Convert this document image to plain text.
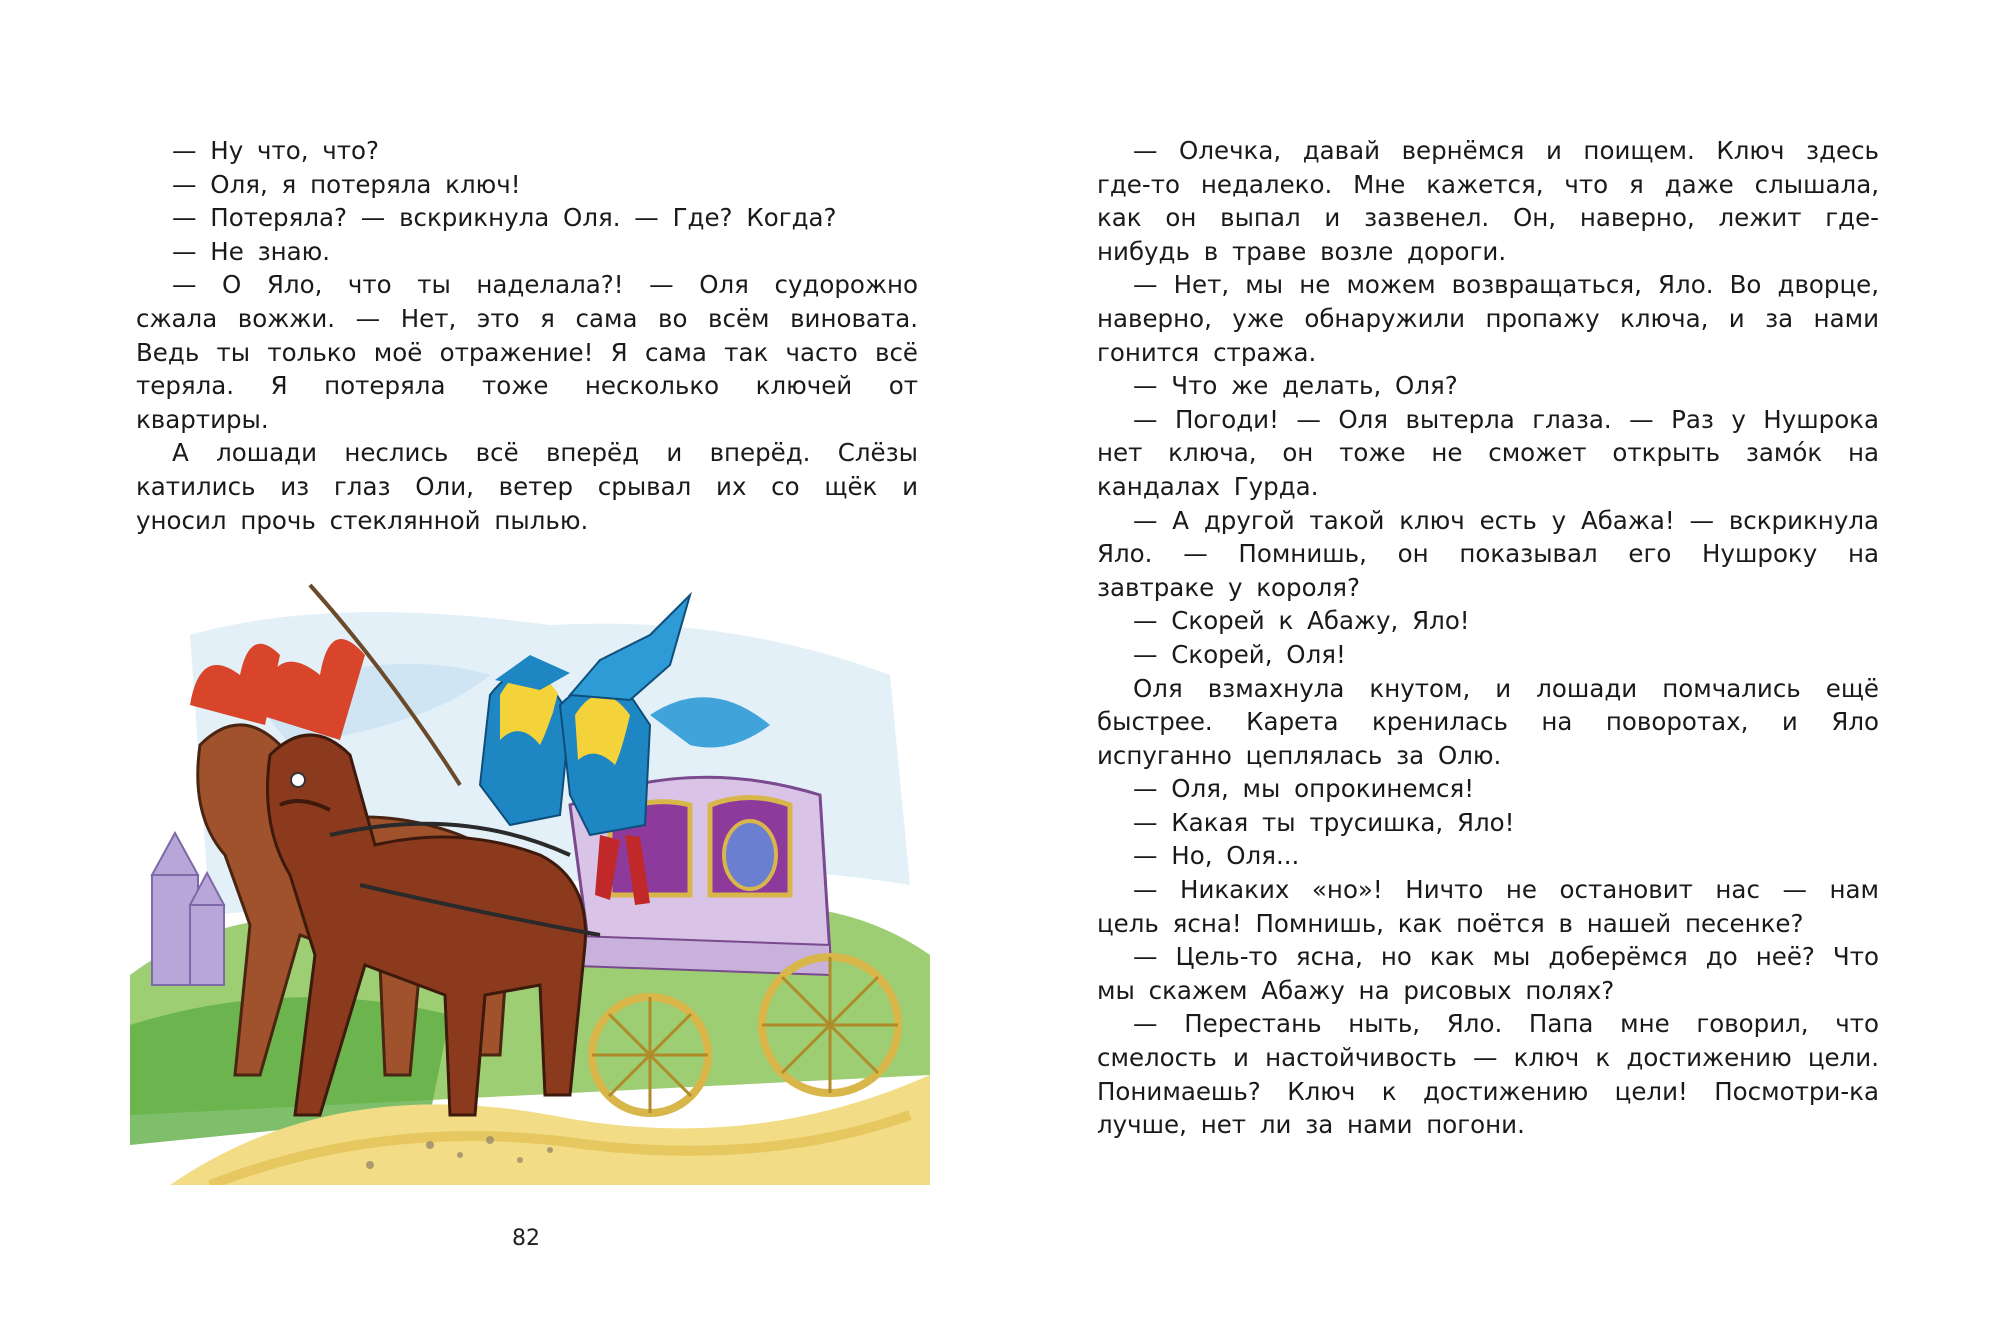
— Ну что, что?

— Оля, я потеряла ключ!

— Потеряла? — вскрикнула Оля. — Где? Когда?

— Не знаю.

— О Яло, что ты наделала?! — Оля судорожно сжала вожжи. — Нет, это я сама во всём виновата. Ведь ты только моё отражение! Я сама так часто всё теряла. Я потеряла тоже несколько ключей от квартиры.

А лошади неслись всё вперёд и вперёд. Слёзы катились из глаз Оли, ветер срывал их со щёк и уносил прочь стеклянной пылью.

82

— Олечка, давай вернёмся и поищем. Ключ здесь где-то недалеко. Мне кажется, что я даже слышала, как он выпал и зазвенел. Он, наверно, лежит где-нибудь в траве возле дороги.

— Нет, мы не можем возвращаться, Яло. Во дворце, наверно, уже обнаружили пропажу ключа, и за нами гонится стража.

— Что же делать, Оля?

— Погоди! — Оля вытерла глаза. — Раз у Нушрока нет ключа, он тоже не сможет открыть замо́к на кандалах Гурда.

— А другой такой ключ есть у Абажа! — вскрикнула Яло. — Помнишь, он показывал его Нушроку на завтраке у короля?

— Скорей к Абажу, Яло!

— Скорей, Оля!

Оля взмахнула кнутом, и лошади помчались ещё быстрее. Карета кренилась на поворотах, и Яло испуганно цеплялась за Олю.

— Оля, мы опрокинемся!

— Какая ты трусишка, Яло!

— Но, Оля...

— Никаких «но»! Ничто не остановит нас — нам цель ясна! Помнишь, как поётся в нашей песенке?

— Цель-то ясна, но как мы доберёмся до неё? Что мы скажем Абажу на рисовых полях?

— Перестань ныть, Яло. Папа мне говорил, что смелость и настойчивость — ключ к достижению цели. Понимаешь? Ключ к достижению цели! Посмотри-ка лучше, нет ли за нами погони.
